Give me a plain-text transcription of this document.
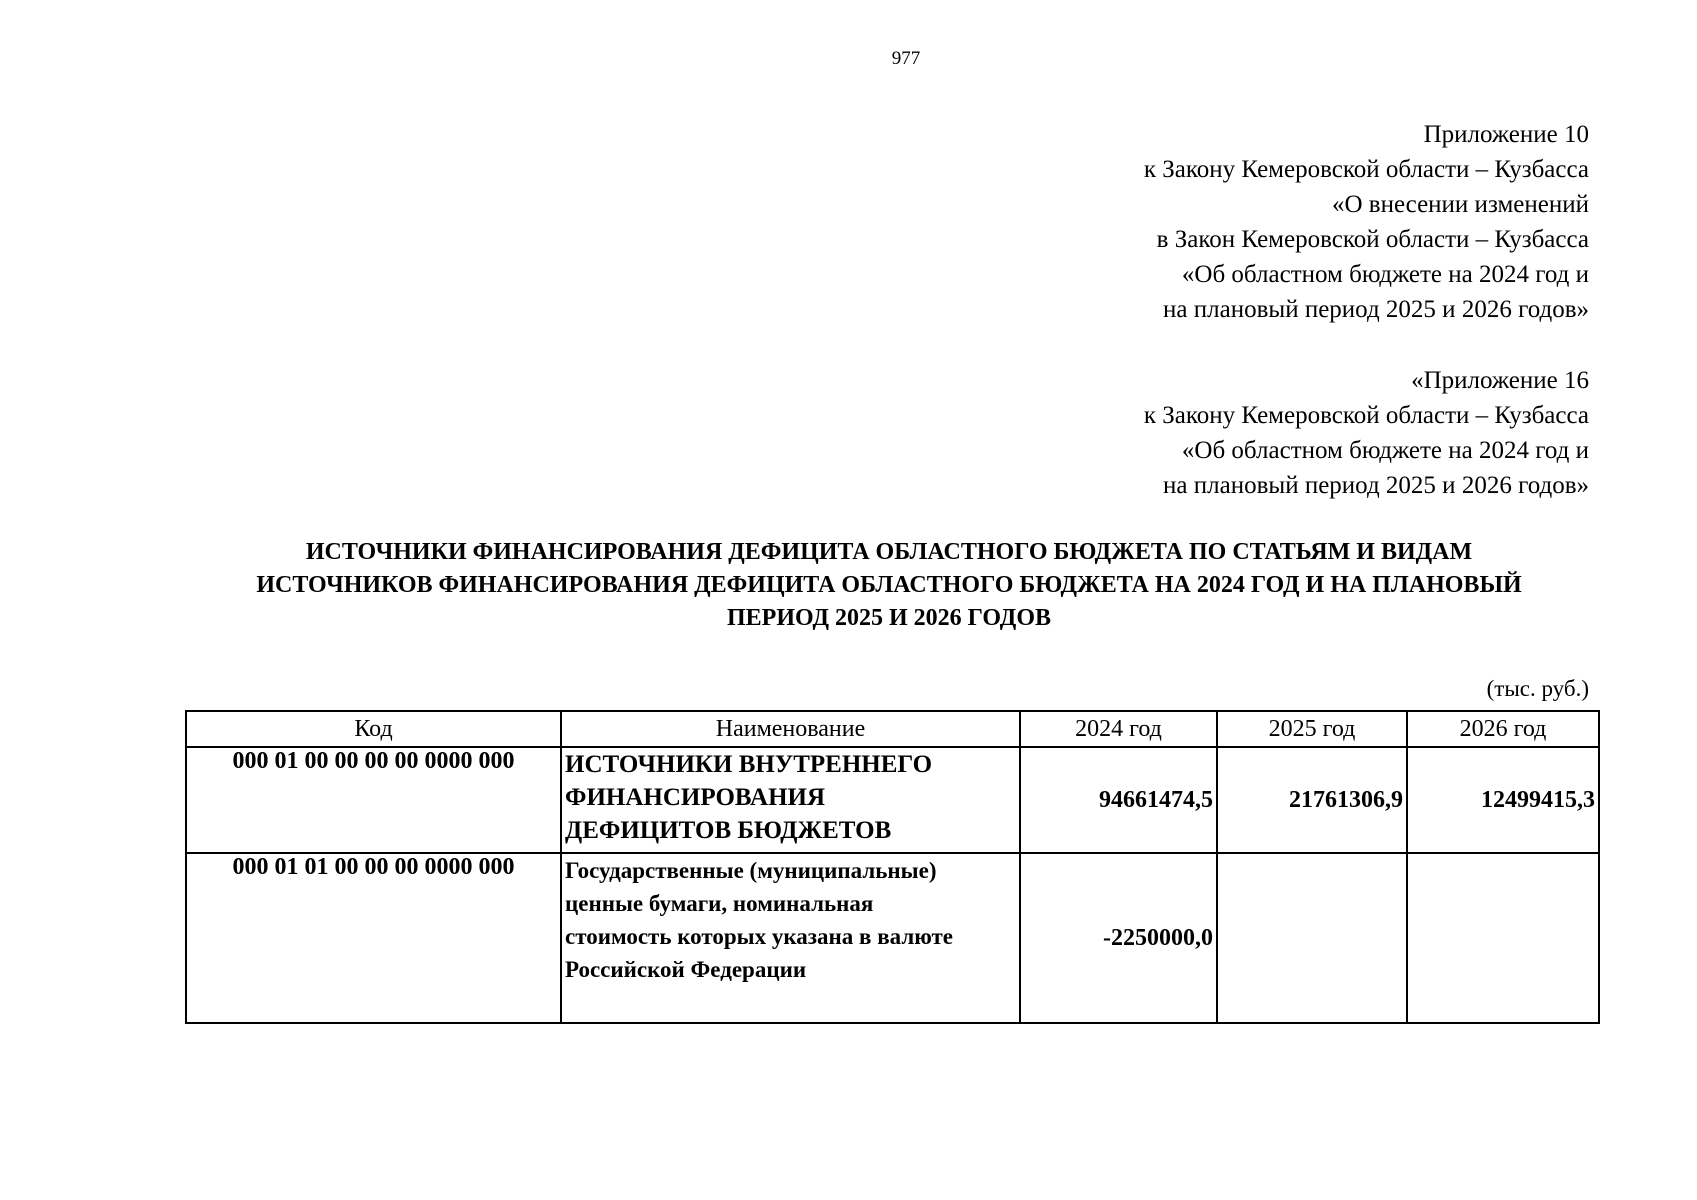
977
Приложение 10
к Закону Кемеровской области – Кузбасса
«О внесении изменений
в Закон Кемеровской области – Кузбасса
«Об областном бюджете на 2024 год и
на плановый период 2025 и 2026 годов»
«Приложение 16
к Закону Кемеровской области – Кузбасса
«Об областном бюджете на 2024 год и
на плановый период 2025 и 2026 годов»
ИСТОЧНИКИ ФИНАНСИРОВАНИЯ ДЕФИЦИТА ОБЛАСТНОГО БЮДЖЕТА ПО СТАТЬЯМ И ВИДАМ
ИСТОЧНИКОВ ФИНАНСИРОВАНИЯ ДЕФИЦИТА ОБЛАСТНОГО БЮДЖЕТА НА 2024 ГОД И НА ПЛАНОВЫЙ
ПЕРИОД 2025 И 2026 ГОДОВ
(тыс. руб.)
Код	Наименование	2024 год	2025 год	2026 год
000 01 00 00 00 00 0000 000	ИСТОЧНИКИ ВНУТРЕННЕГО
ФИНАНСИРОВАНИЯ
ДЕФИЦИТОВ БЮДЖЕТОВ	94661474,5	21761306,9	12499415,3
000 01 01 00 00 00 0000 000	Государственные (муниципальные)
ценные бумаги, номинальная
стоимость которых указана в валюте
Российской Федерации	-2250000,0		
